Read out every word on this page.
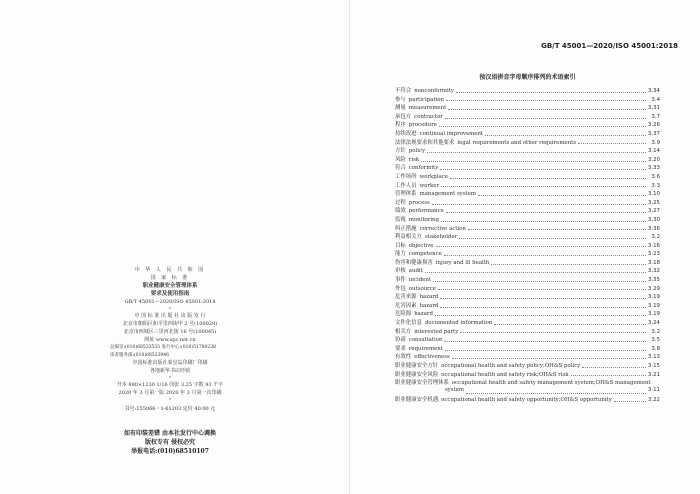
中 华 人 民 共 和 国
国 家 标 准
职业健康安全管理体系
要求及使用指南
GB/T 45001—2020/ISO 45001:2018
*
中 国 标 准 出 版 社 出 版 发 行
北京市朝阳区和平里西街甲 2 号(100029)
北京市西城区三里河北街 16 号(100045)
网址 www.spc.net.cn
总编室:(010)68533533 发行中心:(010)51780238
读者服务部:(010)68523946
中国标准出版社秦皇岛印刷厂印刷
各地新华书店经销
*
开本 880×1230 1/16 印张 3.25 字数 93 千字
2020 年 3 月第一版 2020 年 3 月第一次印刷
*
书号:155066・1-61203 定价 40.00 元
如有印装差错 由本社发行中心调换
版权专有 侵权必究
举报电话:(010)68510107
GB/T 45001—2020/ISO 45001:2018
按汉语拼音字母顺序排列的术语索引
不符合 nonconformity	3.34
参与 participation	3.4
测量 measurement	3.31
承包方 contractor	3.7
程序 procedure	3.26
持续改进 continual improvement	3.37
法律法规要求和其他要求 legal requirements and other requirements	3.9
方针 policy	3.14
风险 risk	3.20
符合 conformity	3.33
工作场所 workplace	3.6
工作人员 worker	3.3
管理体系 management system	3.10
过程 process	3.25
绩效 performance	3.27
监视 monitoring	3.30
纠正措施 corrective action	3.36
利益相关方 stakeholder	3.2
目标 objective	3.16
能力 competence	3.23
伤害和健康损害 injury and ill health	3.18
审核 audit	3.32
事件 incident	3.35
外包 outsource	3.29
危害来源 hazard	3.19
危害因素 hazard	3.19
危险源 hazard	3.19
文件化信息 documented information	3.24
相关方 interested party	3.2
协商 consultation	3.5
要求 requirement	3.8
有效性 effectiveness	3.13
职业健康安全方针 occupational health and safety policy;OH&S policy	3.15
职业健康安全风险 occupational health and safety risk;OH&S risk	3.21
职业健康安全管理体系 occupational health and safety management system;OH&S management
system	3.11
职业健康安全机遇 occupational health and safety opportunity;OH&S opportunity	3.22
